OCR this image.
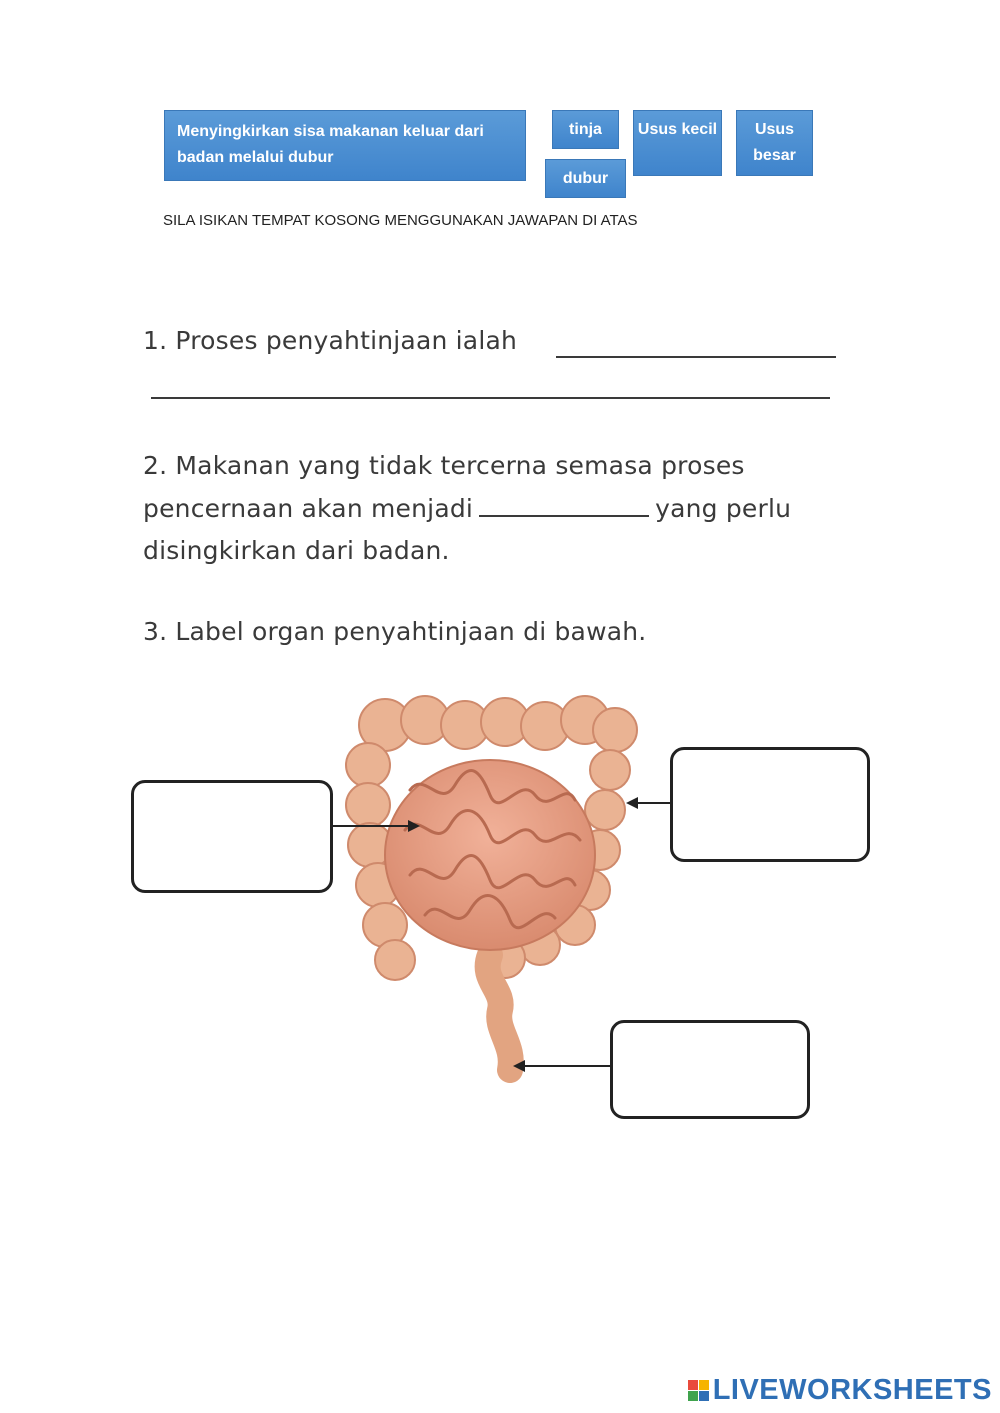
Menyingkirkan sisa makanan keluar dari badan melalui dubur
tinja
dubur
Usus kecil	Usus besar
SILA ISIKAN TEMPAT KOSONG MENGGUNAKAN JAWAPAN DI ATAS
1. Proses penyahtinjaan ialah
2. Makanan yang tidak tercerna semasa proses
pencernaan akan menjadi	yang perlu
disingkirkan dari badan.
3. Label organ penyahtinjaan di bawah.
LIVEWORKSHEETS
